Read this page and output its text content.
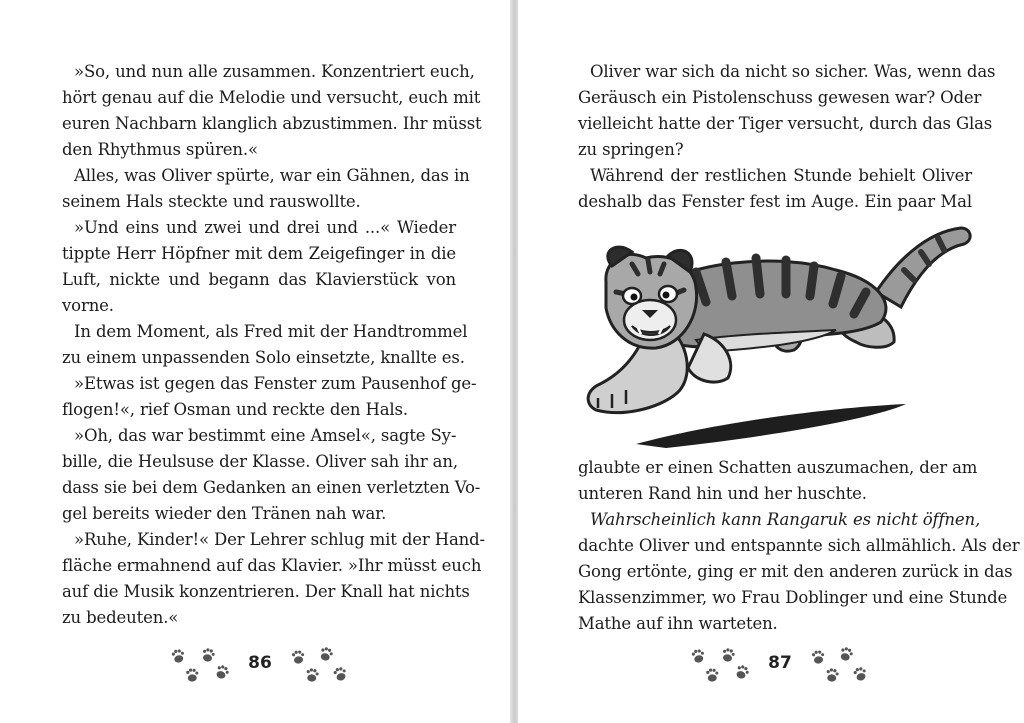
»So, und nun alle zusammen. Konzentriert euch,
hört genau auf die Melodie und versucht, euch mit
euren Nachbarn klanglich abzustimmen. Ihr müsst
den Rhythmus spüren.«
Alles, was Oliver spürte, war ein Gähnen, das in
seinem Hals steckte und rauswollte.
»Und eins und zwei und drei und ...« Wieder
tippte Herr Höpfner mit dem Zeigefinger in die
Luft, nickte und begann das Klavierstück von
vorne.
In dem Moment, als Fred mit der Handtrommel
zu einem unpassenden Solo einsetzte, knallte es.
»Etwas ist gegen das Fenster zum Pausenhof ge-
flogen!«, rief Osman und reckte den Hals.
»Oh, das war bestimmt eine Amsel«, sagte Sy-
bille, die Heulsuse der Klasse. Oliver sah ihr an,
dass sie bei dem Gedanken an einen verletzten Vo-
gel bereits wieder den Tränen nah war.
»Ruhe, Kinder!« Der Lehrer schlug mit der Hand-
fläche ermahnend auf das Klavier. »Ihr müsst euch
auf die Musik konzentrieren. Der Knall hat nichts
zu bedeuten.«
86
Oliver war sich da nicht so sicher. Was, wenn das
Geräusch ein Pistolenschuss gewesen war? Oder
vielleicht hatte der Tiger versucht, durch das Glas
zu springen?
Während der restlichen Stunde behielt Oliver
deshalb das Fenster fest im Auge. Ein paar Mal
glaubte er einen Schatten auszumachen, der am
unteren Rand hin und her huschte.
Wahrscheinlich kann Rangaruk es nicht öffnen,
dachte Oliver und entspannte sich allmählich. Als der
Gong ertönte, ging er mit den anderen zurück in das
Klassenzimmer, wo Frau Doblinger und eine Stunde
Mathe auf ihn warteten.
87
